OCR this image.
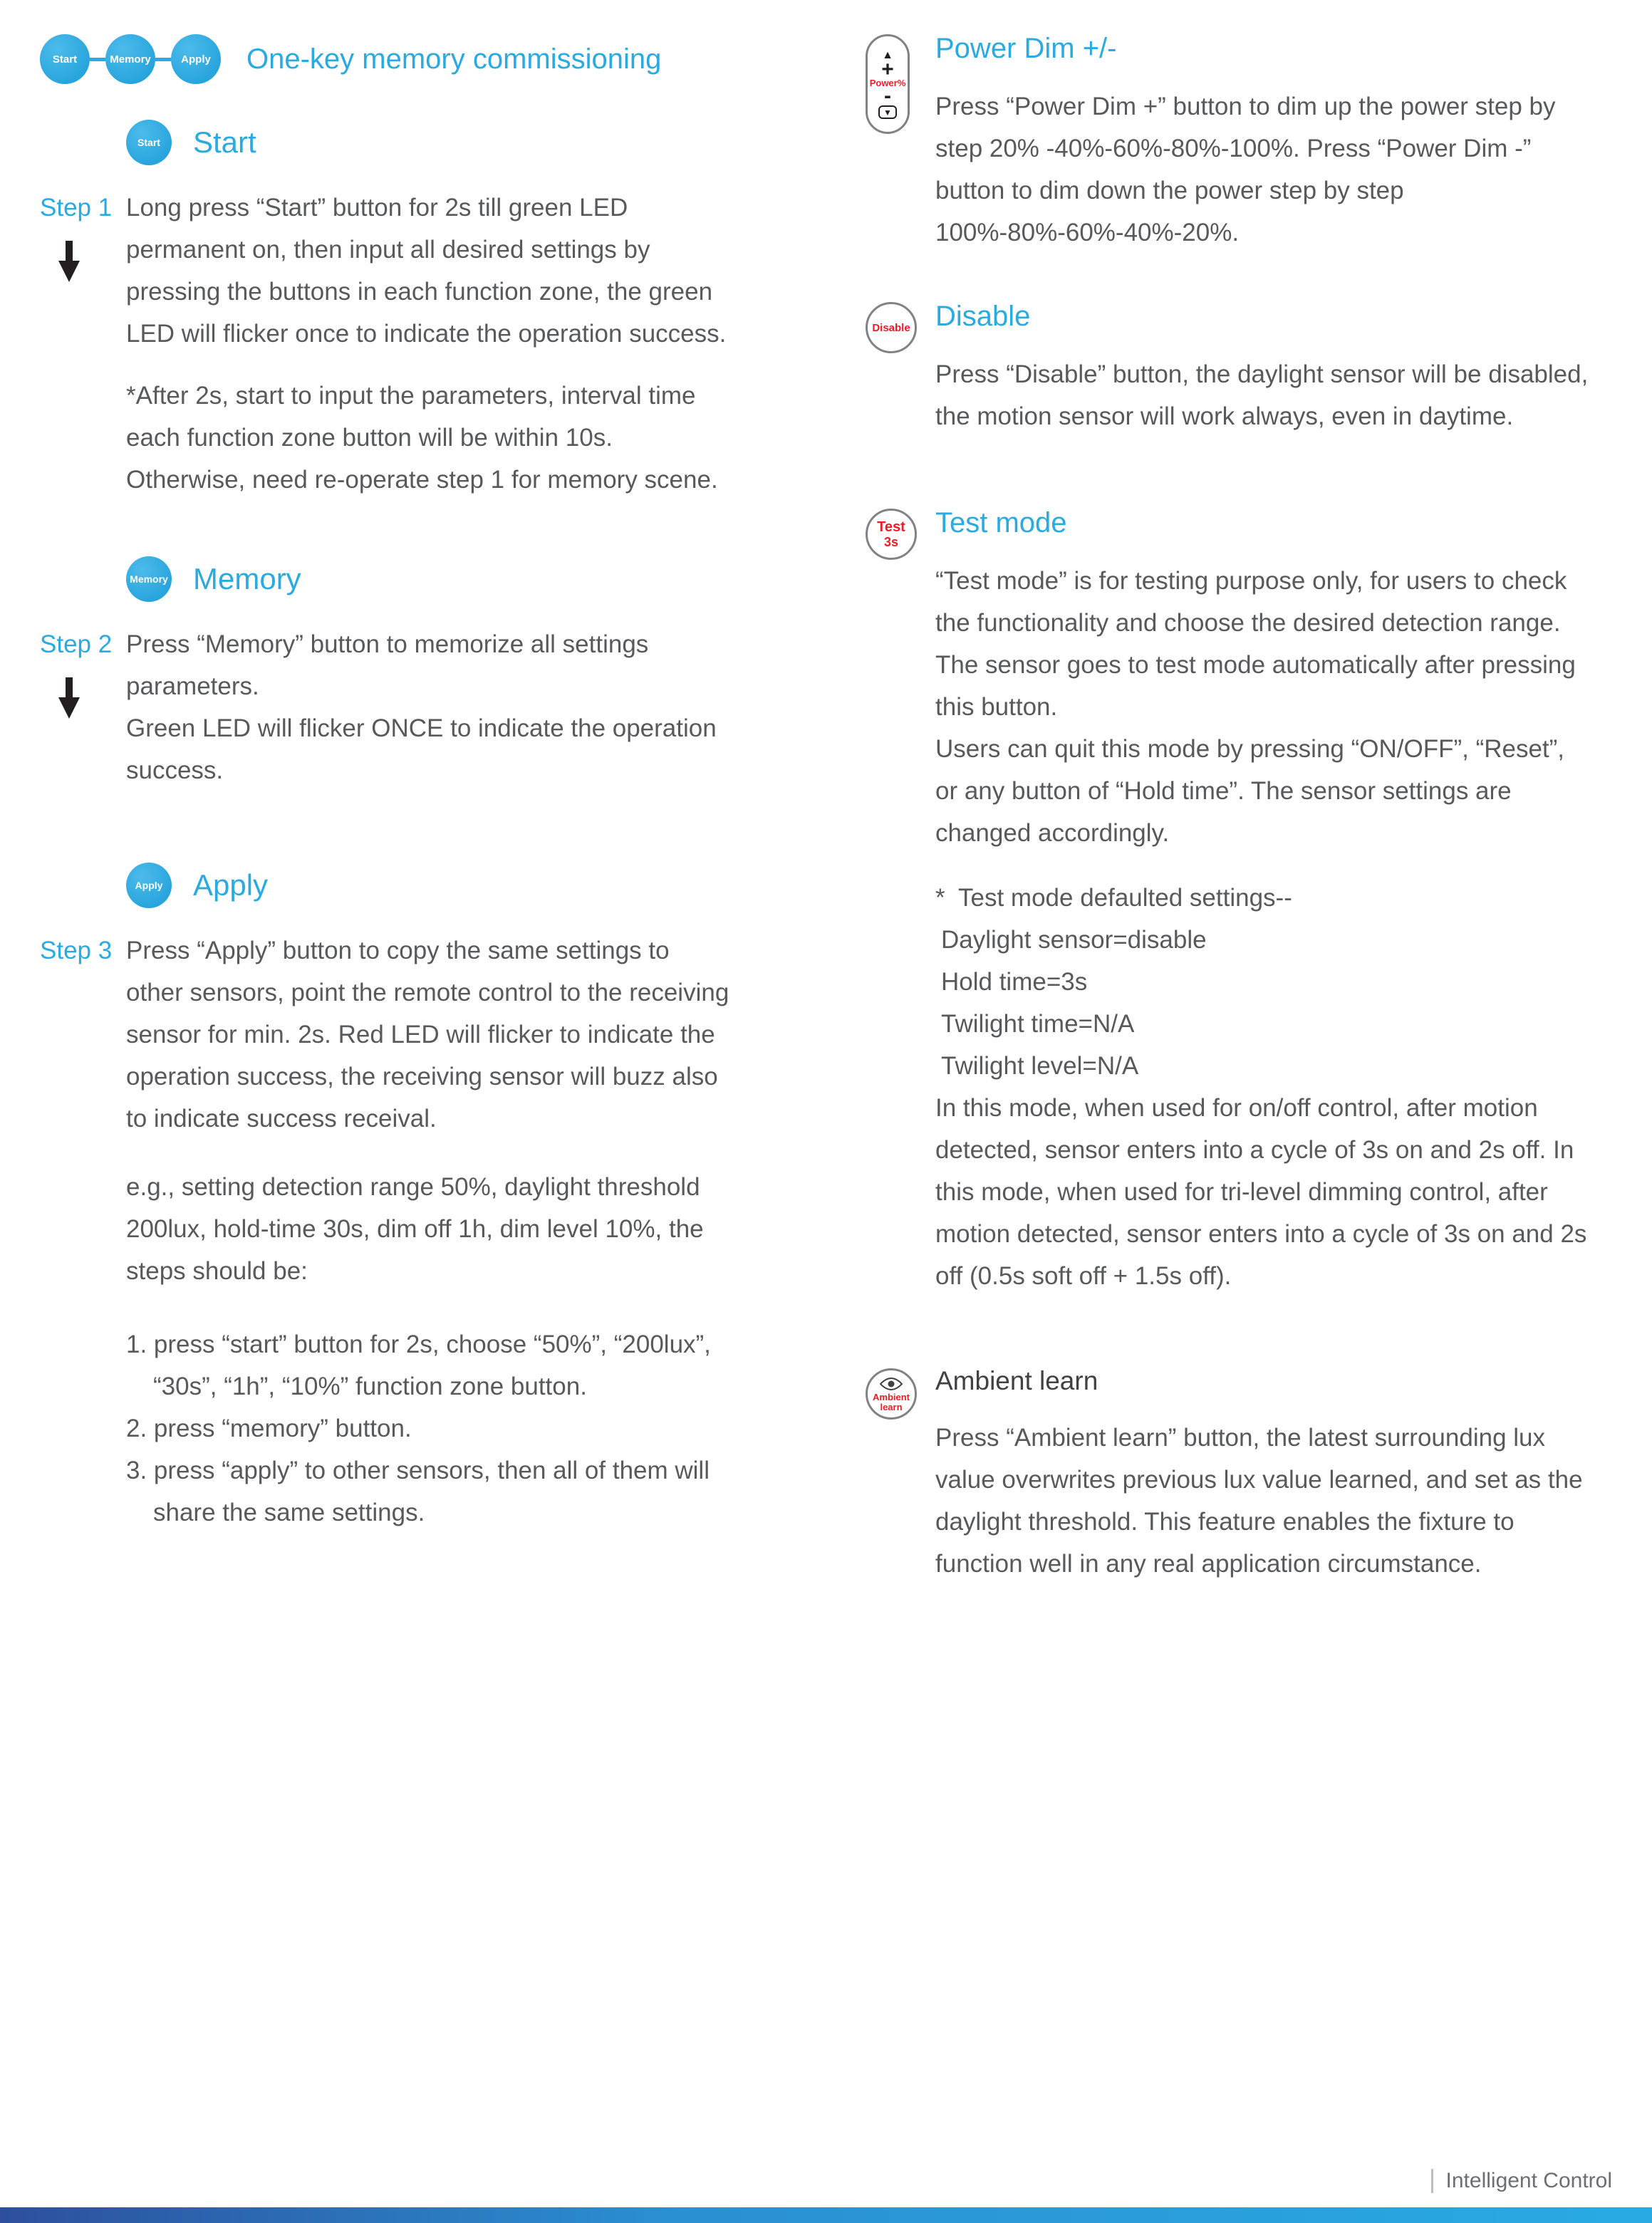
Start	Memory	Apply One-key memory commissioning
Start Start
Step 1 Long press “Start” button for 2s till green LED permanent on, then input all desired settings by pressing the buttons in each function zone, the green LED will flicker once to indicate the operation success.

*After 2s, start to input the parameters, interval time each function zone button will be within 10s. Otherwise, need re-operate step 1 for memory scene.

Memory Memory
Step 2 Press “Memory” button to memorize all settings parameters.

Green LED will flicker ONCE to indicate the operation success.

Apply Apply
Step 3 Press “Apply” button to copy the same settings to other sensors, point the remote control to the receiving sensor for min. 2s. Red LED will flicker to indicate the operation success, the receiving sensor will buzz also to indicate success receival.

e.g., setting detection range 50%, daylight threshold 200lux, hold-time 30s, dim off 1h, dim level 10%, the steps should be:

1. press “start” button for 2s, choose “50%”, “200lux”, “30s”, “1h”, “10%” function zone button.

2. press “memory” button.

3. press “apply” to other sensors, then all of them will share the same settings.

▲
+
Power%
-
▼
Power Dim +/-

Press “Power Dim +” button to dim up the power step by step 20% -40%-60%-80%-100%. Press “Power Dim -” button to dim down the power step by step 100%-80%-60%-40%-20%.

Disable Disable

Press “Disable” button, the daylight sensor will be disabled, the motion sensor will work always, even in daytime.

Test
3s
Test mode

“Test mode” is for testing purpose only, for users to check the functionality and choose the desired detection range. The sensor goes to test mode automatically after pressing this button.

Users can quit this mode by pressing “ON/OFF”, “Reset”, or any button of “Hold time”. The sensor settings are changed accordingly.

* Test mode defaulted settings--

Daylight sensor=disable

Hold time=3s

Twilight time=N/A

Twilight level=N/A

In this mode, when used for on/off control, after motion detected, sensor enters into a cycle of 3s on and 2s off. In this mode, when used for tri-level dimming control, after motion detected, sensor enters into a cycle of 3s on and 2s off (0.5s soft off + 1.5s off).

Ambient
learn
Ambient learn

Press “Ambient learn” button, the latest surrounding lux value overwrites previous lux value learned, and set as the daylight threshold. This feature enables the fixture to function well in any real application circumstance.

Intelligent Control
